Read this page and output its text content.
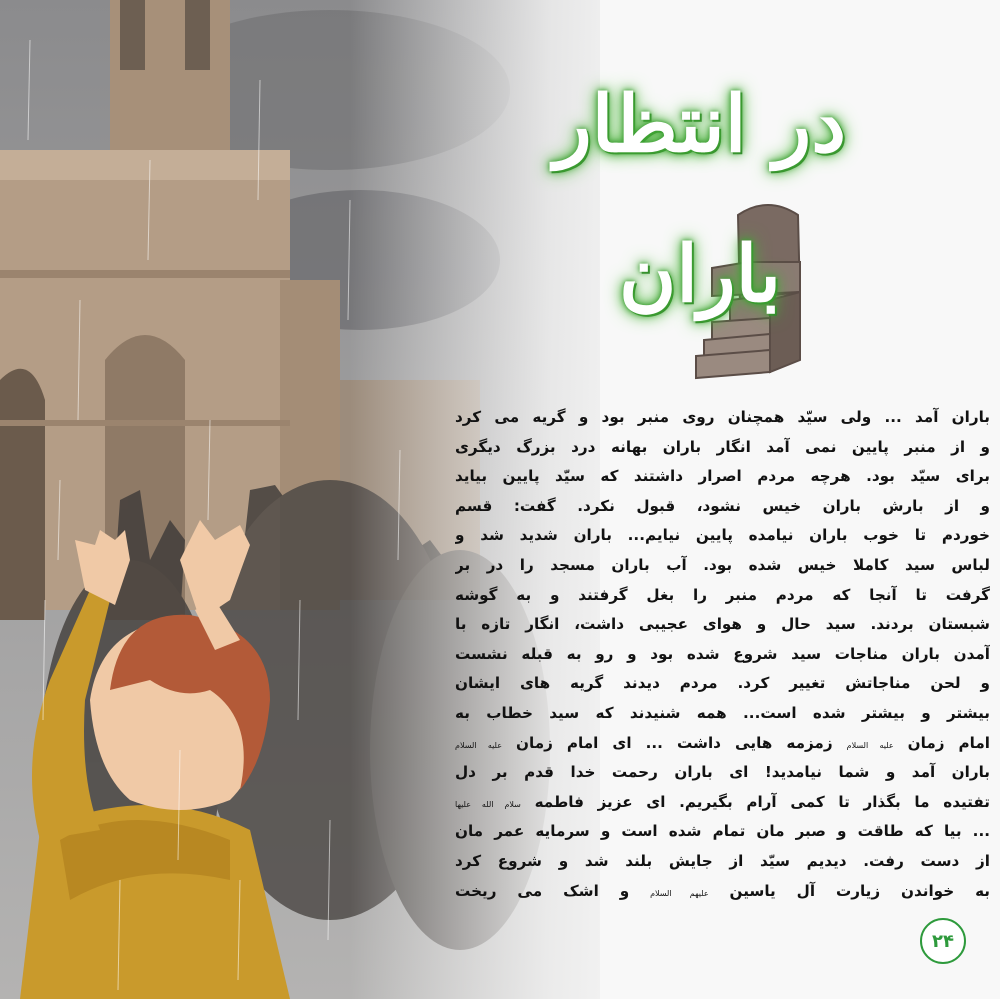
در انتظار باران
باران آمد ... ولی سیّد همچنان روی منبر بود و گریه می کرد
و از منبر پایین نمی آمد انگار باران بهانه درد بزرگ دیگری
برای سیّد بود. هرچه مردم اصرار داشتند که سیّد پایین بیاید
و از بارش باران خیس نشود، قبول نکرد. گفت: قسم
خوردم تا خوب باران نیامده پایین نیایم... باران شدید شد و
لباس سید کاملا خیس شده بود. آب باران مسجد را در بر
گرفت تا آنجا که مردم منبر را بغل گرفتند و به گوشه
شبستان بردند. سید حال و هوای عجیبی داشت، انگار تازه با
آمدن باران مناجات سید شروع شده بود و رو به قبله نشست
و لحن مناجاتش تغییر کرد. مردم دیدند گریه های ایشان
بیشتر و بیشتر شده است... همه شنیدند که سید خطاب به
امام زمان علیه السلام زمزمه هایی داشت ... ای امام زمان علیه السلام
باران آمد و شما نیامدید! ای باران رحمت خدا قدم بر دل
تفتیده ما بگذار تا کمی آرام بگیریم. ای عزیز فاطمه سلام الله علیها
... بیا که طاقت و صبر مان تمام شده است و سرمایه عمر مان
از دست رفت. دیدیم سیّد از جایش بلند شد و شروع کرد
به خواندن زیارت آل یاسین علیهم السلام و اشک می ریخت
۲۴
